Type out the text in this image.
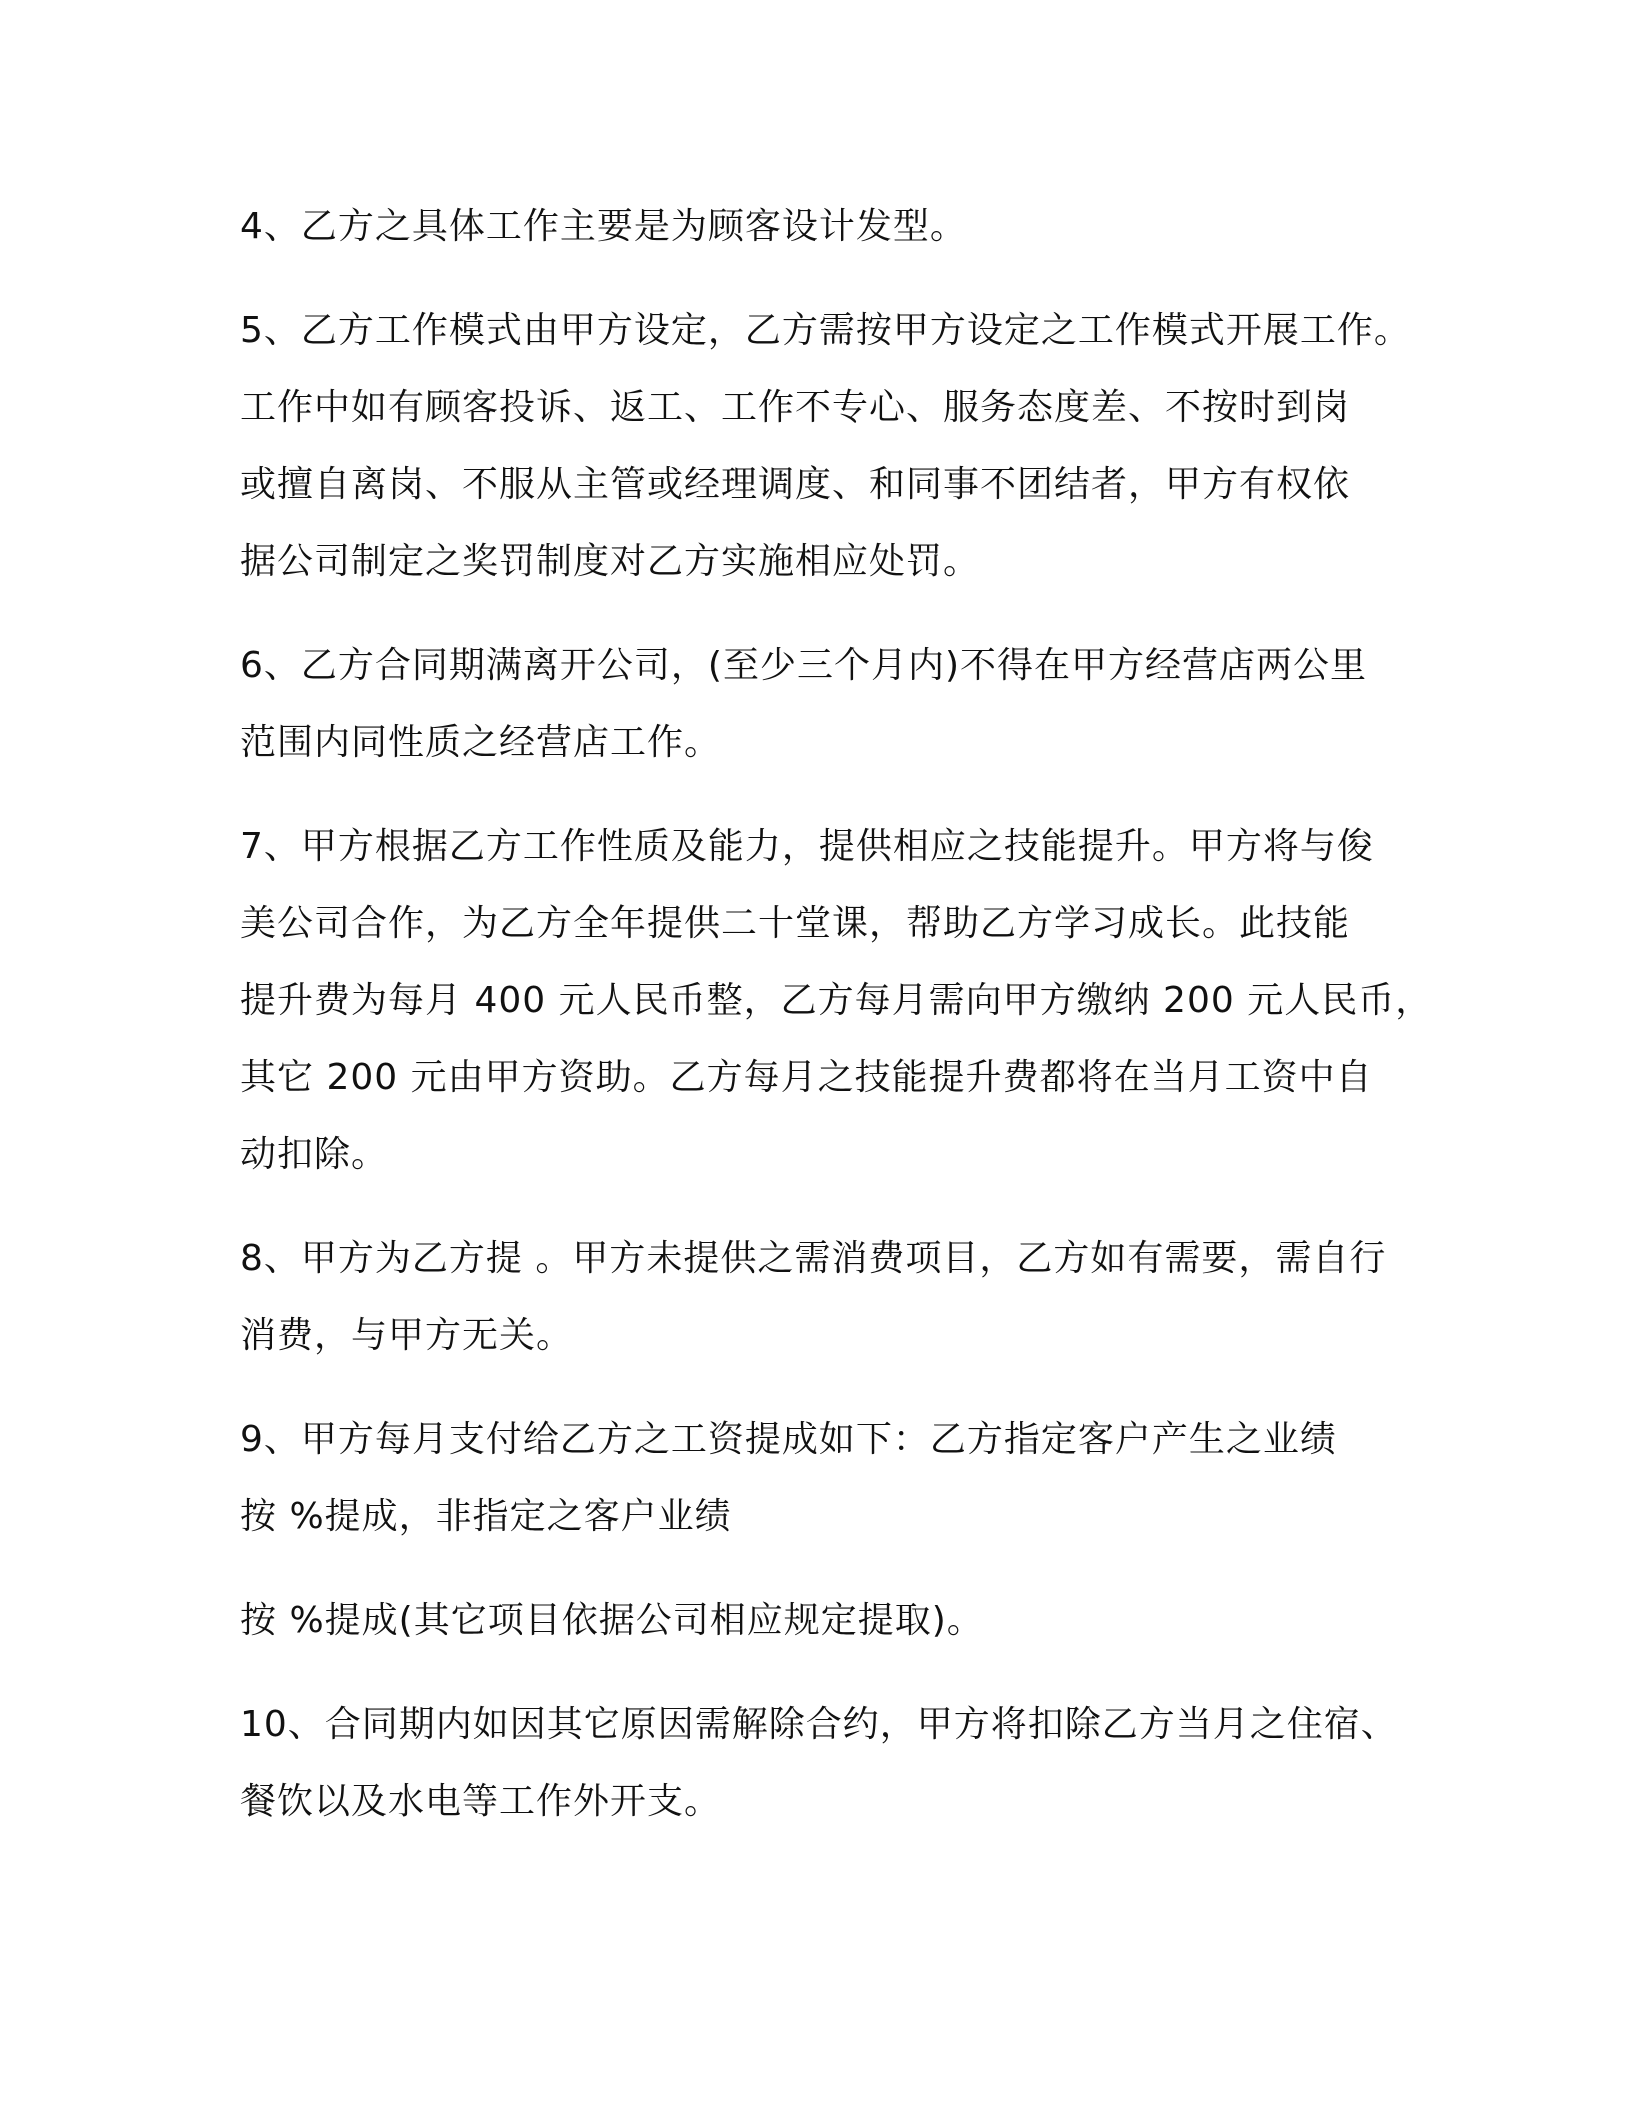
4、乙方之具体工作主要是为顾客设计发型。
5、乙方工作模式由甲方设定，乙方需按甲方设定之工作模式开展工作。
工作中如有顾客投诉、返工、工作不专心、服务态度差、不按时到岗
或擅自离岗、不服从主管或经理调度、和同事不团结者，甲方有权依
据公司制定之奖罚制度对乙方实施相应处罚。
6、乙方合同期满离开公司，(至少三个月内)不得在甲方经营店两公里
范围内同性质之经营店工作。
7、甲方根据乙方工作性质及能力，提供相应之技能提升。甲方将与俊
美公司合作，为乙方全年提供二十堂课，帮助乙方学习成长。此技能
提升费为每月 400 元人民币整，乙方每月需向甲方缴纳 200 元人民币，
其它 200 元由甲方资助。乙方每月之技能提升费都将在当月工资中自
动扣除。
8、甲方为乙方提 。甲方未提供之需消费项目，乙方如有需要，需自行
消费，与甲方无关。
9、甲方每月支付给乙方之工资提成如下：乙方指定客户产生之业绩
按 %提成，非指定之客户业绩
按 %提成(其它项目依据公司相应规定提取)。
10、合同期内如因其它原因需解除合约，甲方将扣除乙方当月之住宿、
餐饮以及水电等工作外开支。
